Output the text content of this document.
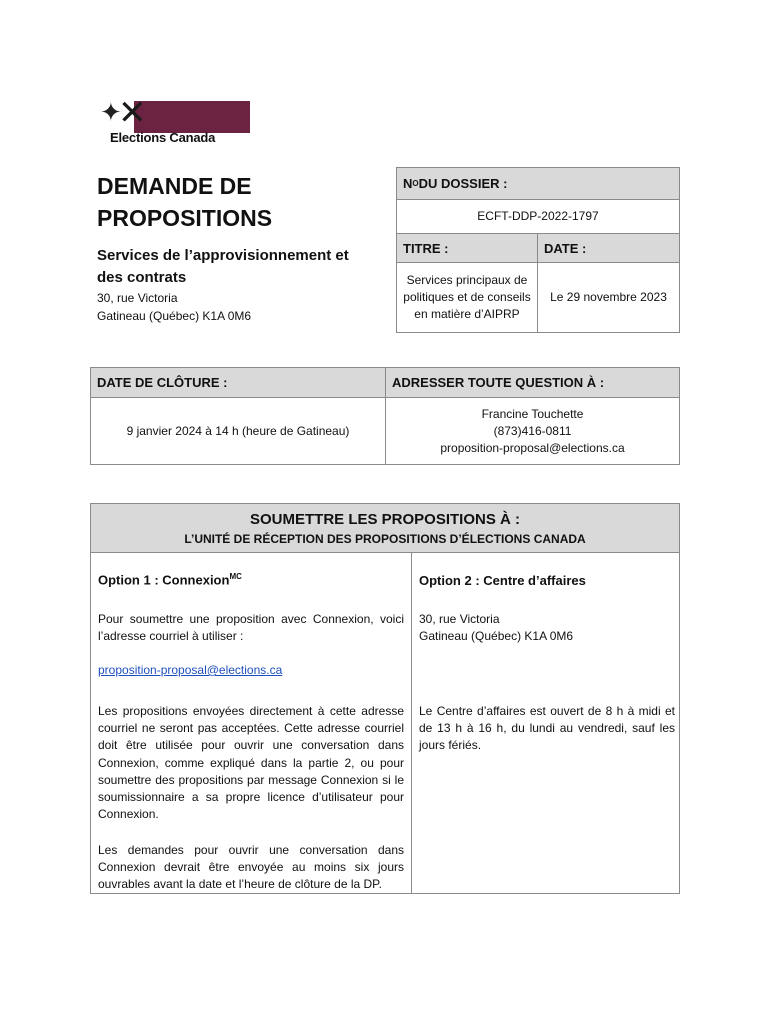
✦
✕
Elections Canada
DEMANDE DE
PROPOSITIONS
Services de l’approvisionnement et des contrats
30, rue Victoria
Gatineau (Québec) K1A 0M6
N O DU DOSSIER :
ECFT-DDP-2022-1797
TITRE :	DATE :
Services principaux de politiques et de conseils en matière d’AIPRP
Le 29 novembre 2023
DATE DE CLÔTURE :	ADRESSER TOUTE QUESTION À :
9 janvier 2024 à 14 h (heure de Gatineau)
Francine Touchette
(873)416-0811
proposition-proposal@elections.ca
SOUMETTRE LES PROPOSITIONS À :
L’UNITÉ DE RÉCEPTION DES PROPOSITIONS D’ÉLECTIONS CANADA
Option 1 : Connexion$^{MC}$
Pour soumettre une proposition avec Connexion, voici l’adresse courriel à utiliser :
proposition-proposal@elections.ca
Les propositions envoyées directement à cette adresse courriel ne seront pas acceptées. Cette adresse courriel doit être utilisée pour ouvrir une conversation dans Connexion, comme expliqué dans la partie 2, ou pour soumettre des propositions par message Connexion si le soumissionnaire a sa propre licence d’utilisateur pour Connexion.
Les demandes pour ouvrir une conversation dans Connexion devrait être envoyée au moins six jours ouvrables avant la date et l’heure de clôture de la DP.
Option 2 : Centre d’affaires
30, rue Victoria
Gatineau (Québec) K1A 0M6
Le Centre d’affaires est ouvert de 8 h à midi et de 13 h à 16 h, du lundi au vendredi, sauf les jours fériés.
